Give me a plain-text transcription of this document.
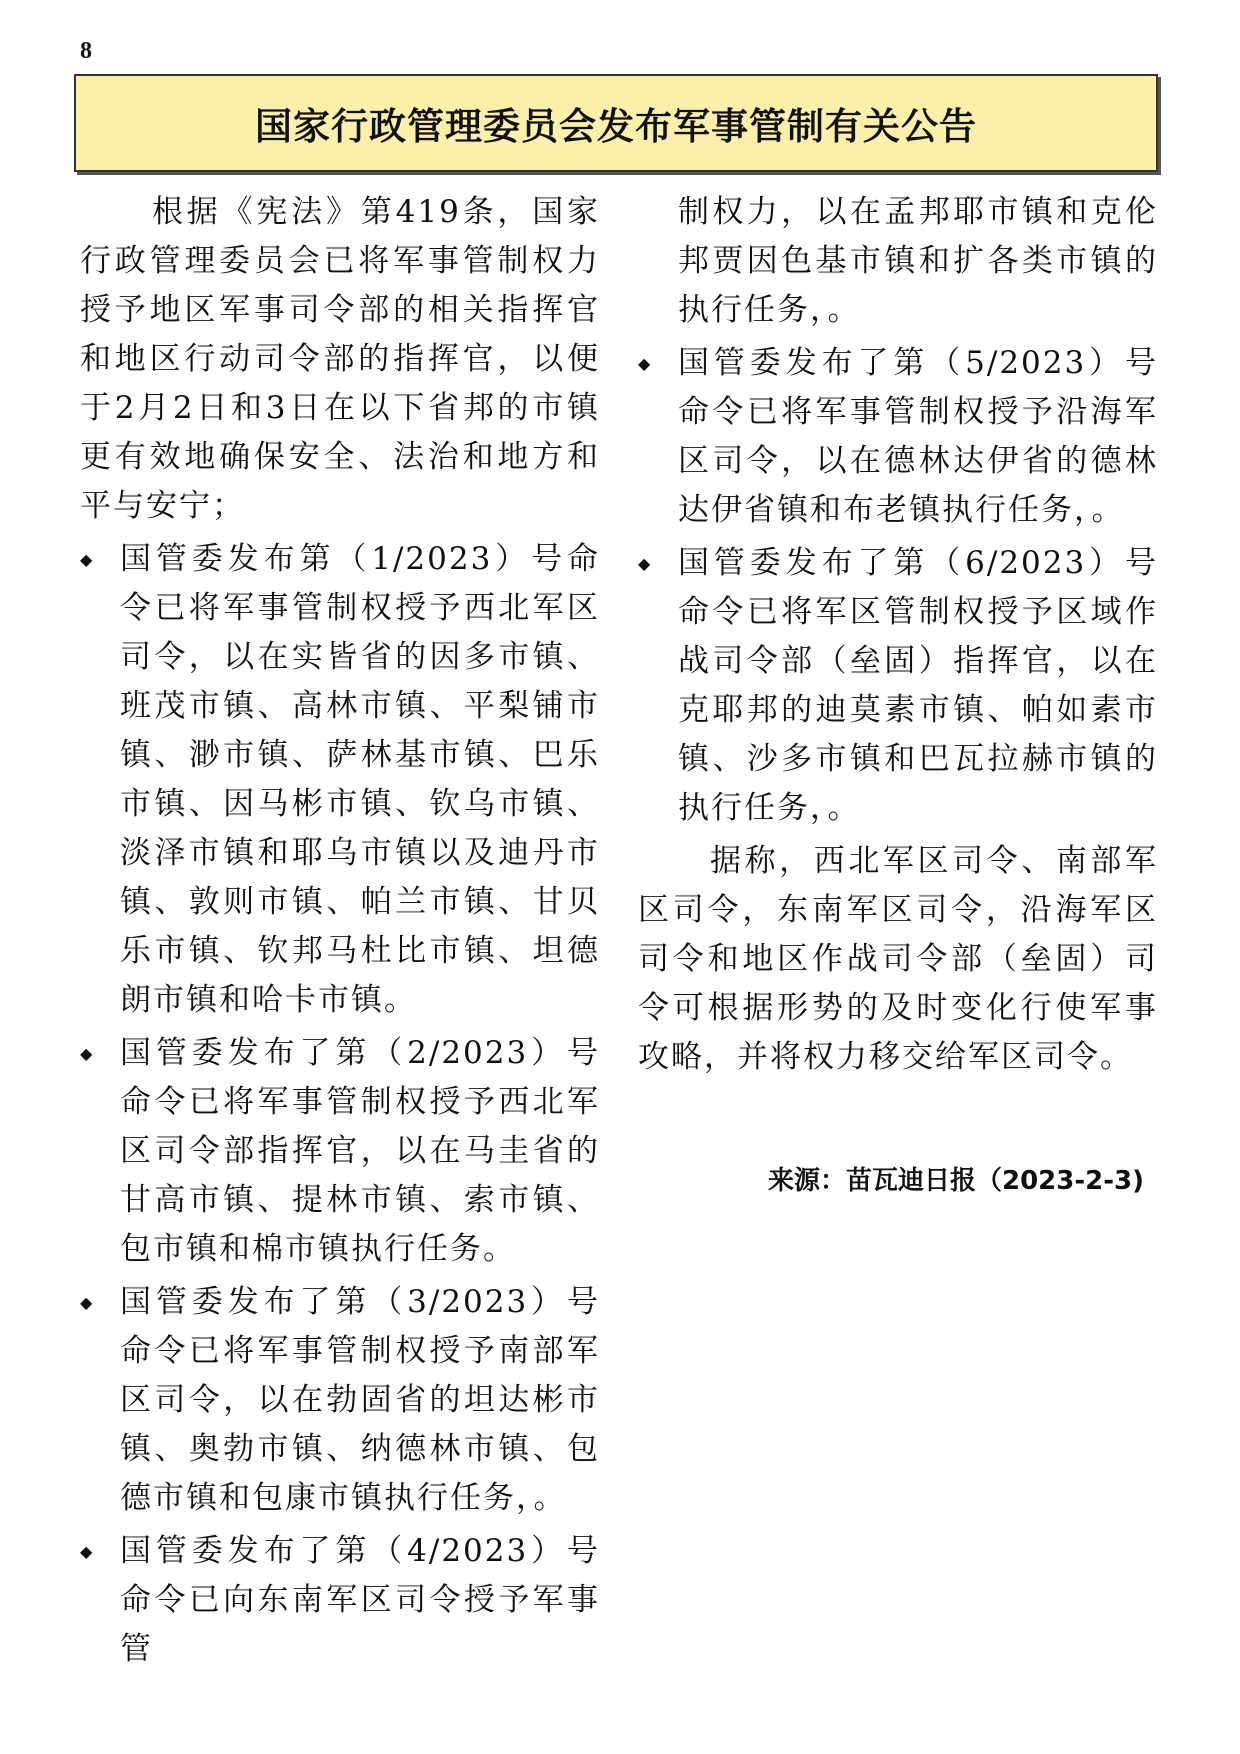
8
国家行政管理委员会发布军事管制有关公告

根据《宪法》第419条，国家行政管理委员会已将军事管制权力授予地区军事司令部的相关指挥官和地区行动司令部的指挥官，以便于2月2日和3日在以下省邦的市镇更有效地确保安全、法治和地方和平与安宁；

◆ 国管委发布第（1/2023）号命令已将军事管制权授予西北军区司令，以在实皆省的因多市镇、班茂市镇、高林市镇、平梨铺市镇、渺市镇、萨林基市镇、巴乐市镇、因马彬市镇、钦乌市镇、淡泽市镇和耶乌市镇以及迪丹市镇、敦则市镇、帕兰市镇、甘贝乐市镇、钦邦马杜比市镇、坦德朗市镇和哈卡市镇。
◆ 国管委发布了第（2/2023）号命令已将军事管制权授予西北军区司令部指挥官，以在马圭省的甘高市镇、提林市镇、索市镇、包市镇和棉市镇执行任务。
◆ 国管委发布了第（3/2023）号命令已将军事管制权授予南部军区司令，以在勃固省的坦达彬市镇、奥勃市镇、纳德林市镇、包德市镇和包康市镇执行任务，。
◆ 国管委发布了第（4/2023）号命令已向东南军区司令授予军事管
制权力，以在孟邦耶市镇和克伦邦贾因色基市镇和扩各类市镇的执行任务，。
◆ 国管委发布了第（5/2023）号命令已将军事管制权授予沿海军区司令，以在德林达伊省的德林达伊省镇和布老镇执行任务，。
◆ 国管委发布了第（6/2023）号命令已将军区管制权授予区域作战司令部（垒固）指挥官，以在克耶邦的迪莫素市镇、帕如素市镇、沙多市镇和巴瓦拉赫市镇的执行任务，。

据称，西北军区司令、南部军区司令，东南军区司令，沿海军区司令和地区作战司令部（垒固）司令可根据形势的及时变化行使军事攻略，并将权力移交给军区司令。

来源：苗瓦迪日报（2023-2-3)
